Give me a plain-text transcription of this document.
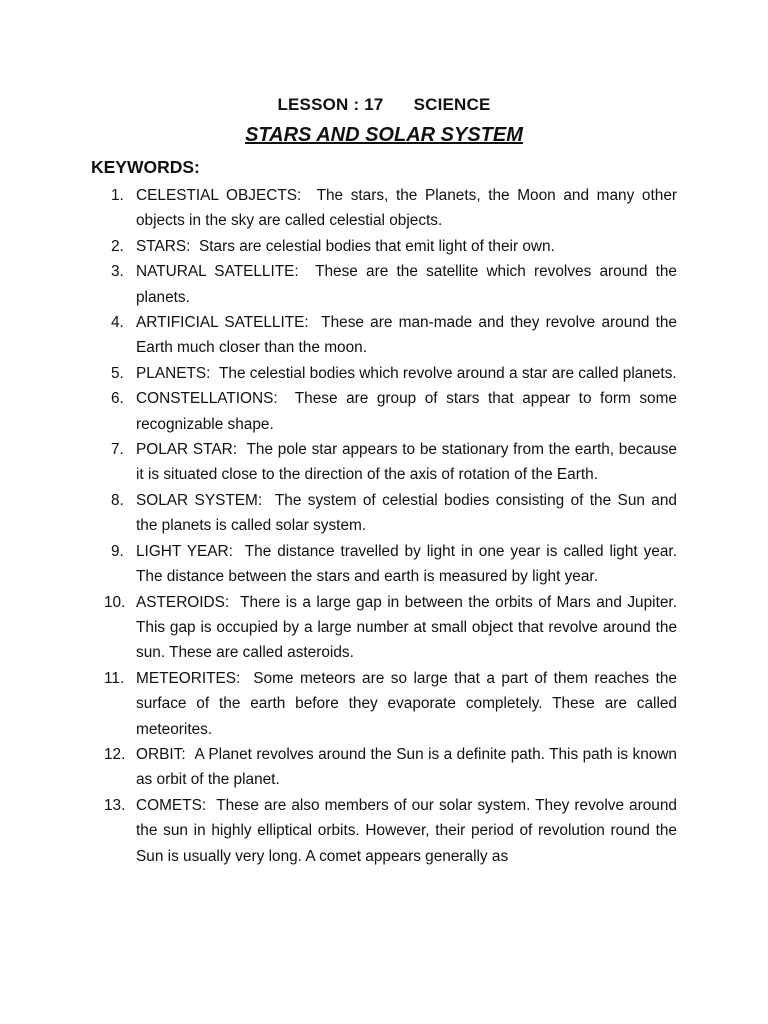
LESSON : 17 SCIENCE
STARS AND SOLAR SYSTEM
KEYWORDS:
1. CELESTIAL OBJECTS: The stars, the Planets, the Moon and many other objects in the sky are called celestial objects.
2. STARS: Stars are celestial bodies that emit light of their own.
3. NATURAL SATELLITE: These are the satellite which revolves around the planets.
4. ARTIFICIAL SATELLITE: These are man-made and they revolve around the Earth much closer than the moon.
5. PLANETS: The celestial bodies which revolve around a star are called planets.
6. CONSTELLATIONS: These are group of stars that appear to form some recognizable shape.
7. POLAR STAR: The pole star appears to be stationary from the earth, because it is situated close to the direction of the axis of rotation of the Earth.
8. SOLAR SYSTEM: The system of celestial bodies consisting of the Sun and the planets is called solar system.
9. LIGHT YEAR: The distance travelled by light in one year is called light year. The distance between the stars and earth is measured by light year.
10. ASTEROIDS: There is a large gap in between the orbits of Mars and Jupiter. This gap is occupied by a large number at small object that revolve around the sun. These are called asteroids.
11. METEORITES: Some meteors are so large that a part of them reaches the surface of the earth before they evaporate completely. These are called meteorites.
12. ORBIT: A Planet revolves around the Sun is a definite path. This path is known as orbit of the planet.
13. COMETS: These are also members of our solar system. They revolve around the sun in highly elliptical orbits. However, their period of revolution round the Sun is usually very long. A comet appears generally as
